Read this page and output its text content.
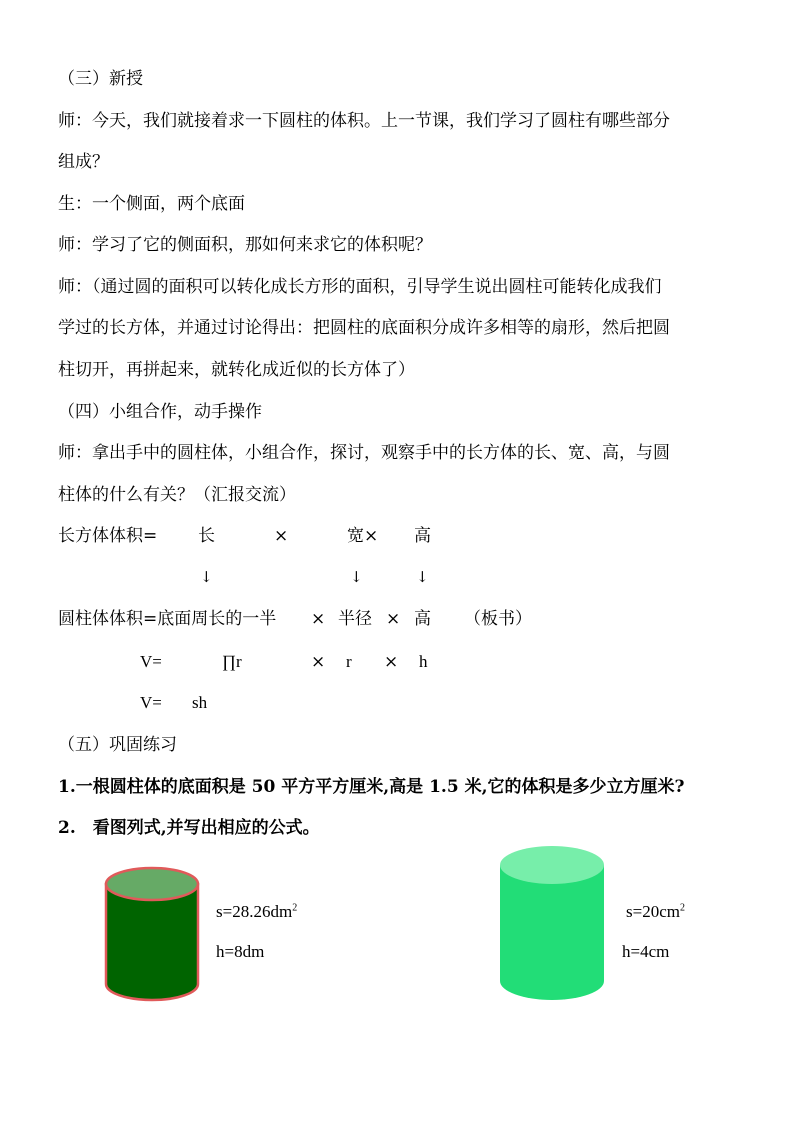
（三）新授
师：今天，我们就接着求一下圆柱的体积。上一节课，我们学习了圆柱有哪些部分
组成？
生：一个侧面，两个底面
师：学习了它的侧面积，那如何来求它的体积呢？
师：（通过圆的面积可以转化成长方形的面积，引导学生说出圆柱可能转化成我们
学过的长方体，并通过讨论得出：把圆柱的底面积分成许多相等的扇形，然后把圆
柱切开，再拼起来，就转化成近似的长方体了）
（四）小组合作，动手操作
师：拿出手中的圆柱体，小组合作，探讨，观察手中的长方体的长、宽、高，与圆
柱体的什么有关？（汇报交流）
长方体体积= 长	×	宽× 高
↓	↓	↓
圆柱体体积=底面周长的一半 × 半径 × 高 （板书）
V=	∏r	× r × h
V= sh
（五）巩固练习
1.一根圆柱体的底面积是 50 平方平方厘米,高是 1.5 米,它的体积是多少立方厘米?
2.　看图列式,并写出相应的公式。
$s=28.26dm^2$
h=8dm
$s=20cm^2$
h=4cm
